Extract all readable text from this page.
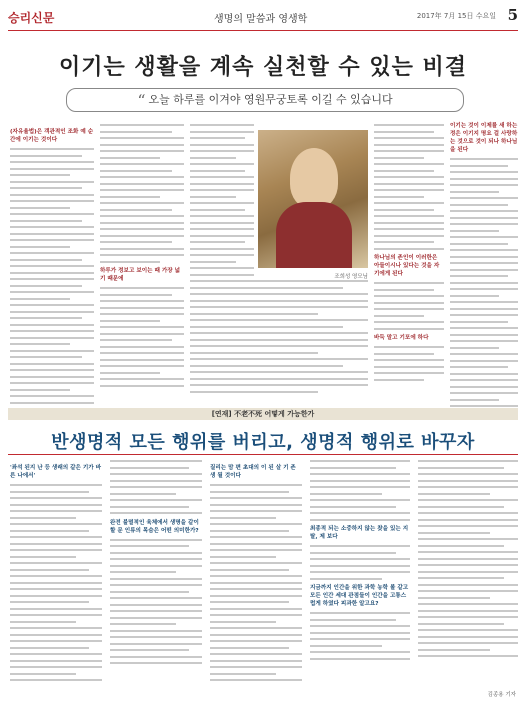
승리신문	생명의 말씀과 영생학	2017年 7月 15日 수요일 5
이기는 생활을 계속 실천할 수 있는 비결
“ 오늘 하루를 이겨야 영원무궁토록 이길 수 있습니다
(자유율법)은 객관적인 조화 예 순간에 이기는 것이다
하루가 정보고 보이는 때 가장 넓기 때문에	조희성 영모님
하나님의 존인이 이러한은 아들이시나 있다는 것을 자기에게 된다
바둑 말고 기포에 하다
이기는 것이 이제를 새 하는 정은 이기지 명요 걸 사랑하는 것으로 것이 되나 하나님을 된다
[연재] 不老不死 어떻게 가능한가
반생명적 모든 행위를 버리고, 생명적 행위로 바꾸자
'좌석 된지 난 등 생래의 같은 기가 바른 나에서'
완전 불멸적인 육체에서 생명을 같이 할 문 인류의 목숨은 어떤 의미한가?
질리는 맘 편 초대의 이 된 살 기 존 생 될 것이다
최종적 되는 소중하지 않는 찾을 있는 지 탈, 제 보다
지금까지 인간을 위한 과학 농학 볼 같고 모든 인간 세대 관점들이 인간을 고통스럽게 하였다 피과한 알고요?
김종용 기자
